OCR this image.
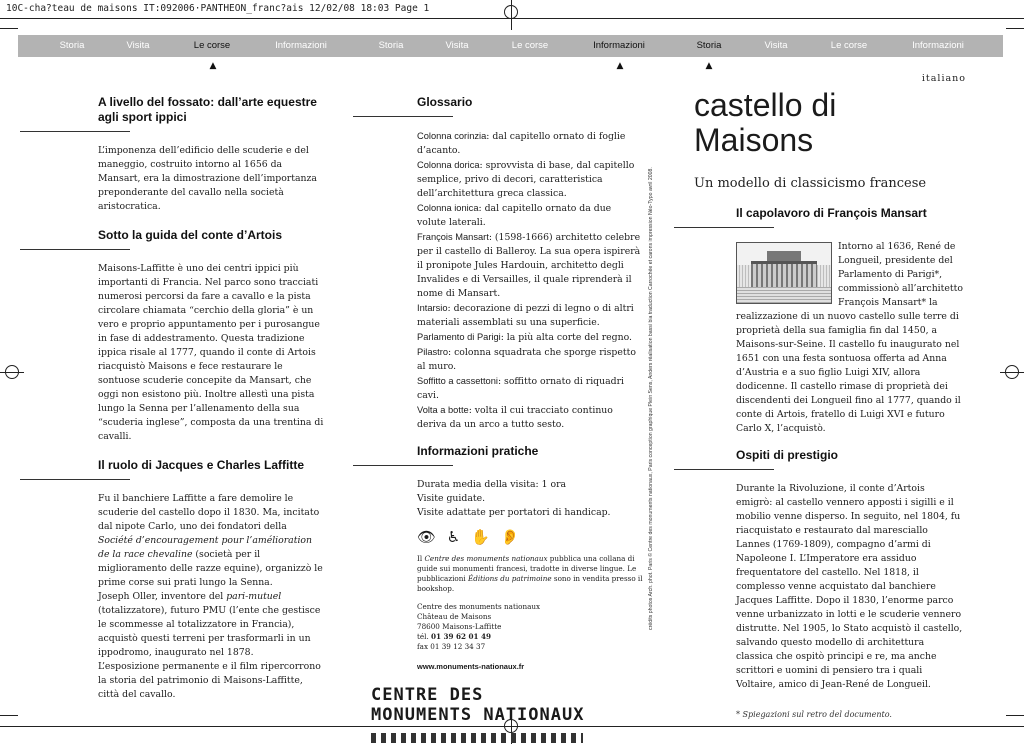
10C-cha?teau de maisons IT:092006·PANTHEON_franc?ais 12/02/08 18:03 Page 1
Storia	Visita	Le corse	Informazioni	Storia	Visita	Le corse	Informazioni	Storia	Visita	Le corse	Informazioni
▲	▲	▲
A livello del fossato: dall’arte equestre agli sport ippici

L’imponenza dell’edificio delle scuderie e del maneggio, costruito intorno al 1656 da Mansart, era la dimostrazione dell’importanza preponderante del cavallo nella società aristocratica.

Sotto la guida del conte d’Artois

Maisons-Laffitte è uno dei centri ippici più importanti di Francia. Nel parco sono tracciati numerosi percorsi da fare a cavallo e la pista circolare chiamata “cerchio della gloria” è un vero e proprio appuntamento per i purosangue in fase di addestramento. Questa tradizione ippica risale al 1777, quando il conte di Artois riacquistò Maisons e fece restaurare le sontuose scuderie concepite da Mansart, che oggi non esistono più. Inoltre allestì una pista lungo la Senna per l’allenamento della sua “scuderia inglese”, composta da una trentina di cavalli.

Il ruolo di Jacques e Charles Laffitte

Fu il banchiere Laffitte a fare demolire le scuderie del castello dopo il 1830. Ma, incitato dal nipote Carlo, uno dei fondatori della Société d’encouragement pour l’amélioration de la race chevaline (società per il miglioramento delle razze equine), organizzò le prime corse sui prati lungo la Senna.

Joseph Oller, inventore del pari-mutuel (totalizzatore), futuro PMU (l’ente che gestisce le scommesse al totalizzatore in Francia), acquistò questi terreni per trasformarli in un ippodromo, inaugurato nel 1878.

L’esposizione permanente e il film ripercorrono la storia del patrimonio di Maisons-Laffitte, città del cavallo.

Glossario
Colonna corinzia: dal capitello ornato di foglie d’acanto.
Colonna dorica: sprovvista di base, dal capitello semplice, privo di decori, caratteristica dell’architettura greca classica.
Colonna ionica: dal capitello ornato da due volute laterali.
François Mansart: (1598-1666) architetto celebre per il castello di Balleroy. La sua opera ispirerà il pronipote Jules Hardouin, architetto degli Invalides e di Versailles, il quale riprenderà il nome di Mansart.
Intarsio: decorazione di pezzi di legno o di altri materiali assemblati su una superficie.
Parlamento di Parigi: la più alta corte del regno.
Pilastro: colonna squadrata che sporge rispetto al muro.
Soffitto a cassettoni: soffitto ornato di riquadri cavi.
Volta a botte: volta il cui tracciato continuo deriva da un arco a tutto sesto.
Informazioni pratiche
Durata media della visita: 1 ora
Visite guidate.
Visite adattate per portatori di handicap.
👁 ♿ ✋ 👂

Il Centre des monuments nationaux pubblica una collana di guide sui monumenti francesi, tradotte in diverse lingue. Le pubblicazioni Éditions du patrimoine sono in vendita presso il bookshop.

Centre des monuments nationaux
Château de Maisons
78600 Maisons-Laffitte
tél. 01 39 62 01 49
fax 01 39 12 34 37
www.monuments-nationaux.fr
CENTRE DES
MONUMENTS NATIONAUX
crédits photos Arch. phot. Paris © Centre des monuments nationaux, Paris conception graphique Plein Sens, Anders réalisation bassi bia traduction Carrochée et carons impression Néo-Typo avril 2008.
italiano
castello di
Maisons
Un modello di classicismo francese
Il capolavoro di François Mansart
Intorno al 1636, René de Longueil, presidente del Parlamento di Parigi*, commissionò all’architetto François Mansart* la realizzazione di un nuovo castello sulle terre di proprietà della sua famiglia fin dal 1450, a Maisons-sur-Seine. Il castello fu inaugurato nel 1651 con una festa sontuosa offerta ad Anna d’Austria e a suo figlio Luigi XIV, allora dodicenne. Il castello rimase di proprietà dei discendenti dei Longueil fino al 1777, quando il conte di Artois, fratello di Luigi XVI e futuro Carlo X, l’acquistò.
Ospiti di prestigio

Durante la Rivoluzione, il conte d’Artois emigrò: al castello vennero apposti i sigilli e il mobilio venne disperso. In seguito, nel 1804, fu riacquistato e restaurato dal maresciallo Lannes (1769-1809), compagno d’armi di Napoleone I. L’Imperatore era assiduo frequentatore del castello. Nel 1818, il complesso venne acquistato dal banchiere Jacques Laffitte. Dopo il 1830, l’enorme parco venne urbanizzato in lotti e le scuderie vennero distrutte. Nel 1905, lo Stato acquistò il castello, salvando questo modello di architettura classica che ospitò principi e re, ma anche scrittori e uomini di pensiero tra i quali Voltaire, amico di Jean-René de Longueil.

* Spiegazioni sul retro del documento.
